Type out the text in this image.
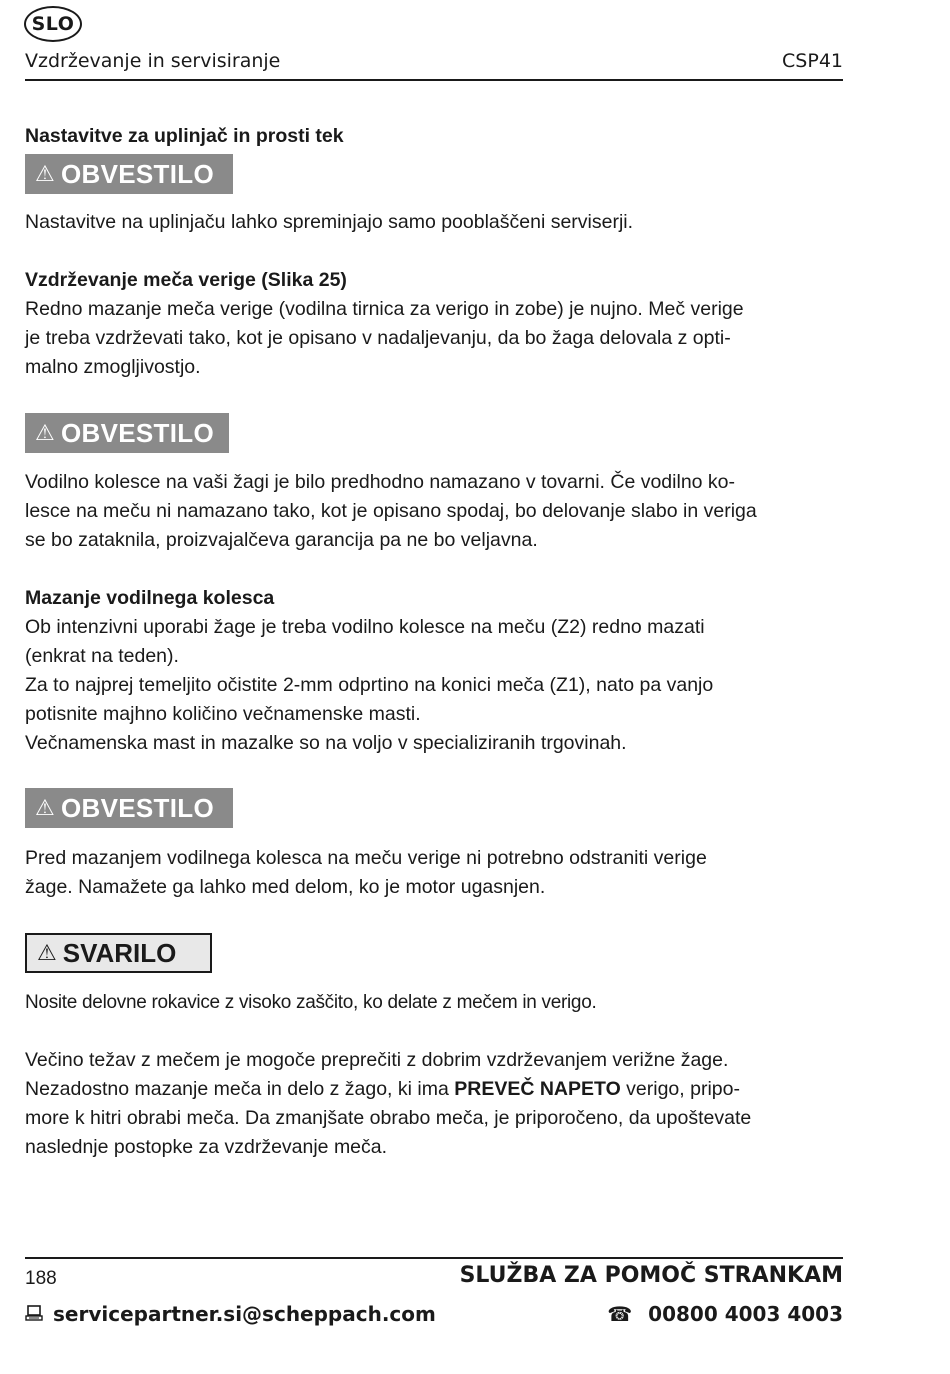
SLO
Vzdrževanje in servisiranje	CSP41
Nastavitve za uplinjač in prosti tek
⚠ OBVESTILO
Nastavitve na uplinjaču lahko spreminjajo samo pooblaščeni serviserji.
Vzdrževanje meča verige (Slika 25)
Redno mazanje meča verige (vodilna tirnica za verigo in zobe) je nujno. Meč verige
je treba vzdrževati tako, kot je opisano v nadaljevanju, da bo žaga delovala z opti-
malno zmogljivostjo.
⚠ OBVESTILO
Vodilno kolesce na vaši žagi je bilo predhodno namazano v tovarni. Če vodilno ko-
lesce na meču ni namazano tako, kot je opisano spodaj, bo delovanje slabo in veriga
se bo zataknila, proizvajalčeva garancija pa ne bo veljavna.
Mazanje vodilnega kolesca
Ob intenzivni uporabi žage je treba vodilno kolesce na meču (Z2) redno mazati
(enkrat na teden).
Za to najprej temeljito očistite 2-mm odprtino na konici meča (Z1), nato pa vanjo
potisnite majhno količino večnamenske masti.
Večnamenska mast in mazalke so na voljo v specializiranih trgovinah.
⚠ OBVESTILO
Pred mazanjem vodilnega kolesca na meču verige ni potrebno odstraniti verige
žage. Namažete ga lahko med delom, ko je motor ugasnjen.
⚠ SVARILO
Nosite delovne rokavice z visoko zaščito, ko delate z mečem in verigo.
Večino težav z mečem je mogoče preprečiti z dobrim vzdrževanjem verižne žage.
Nezadostno mazanje meča in delo z žago, ki ima PREVEČ NAPETO verigo, pripo-
more k hitri obrabi meča. Da zmanjšate obrabo meča, je priporočeno, da upoštevate
naslednje postopke za vzdrževanje meča.
188	SLUŽBA ZA POMOČ STRANKAM
servicepartner.si@scheppach.com	☎ 00800 4003 4003
